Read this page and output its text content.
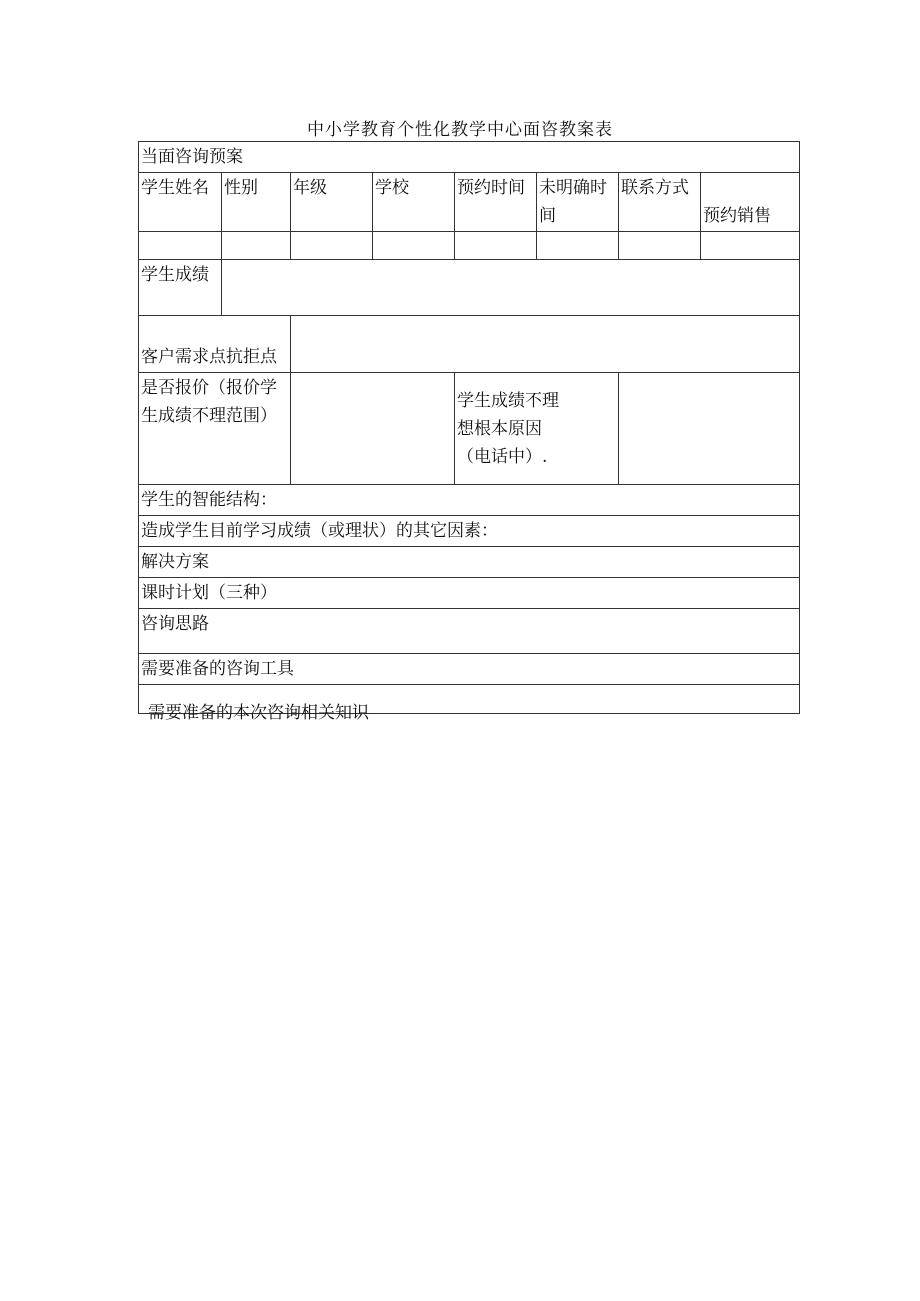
中小学教育个性化教学中心面咨教案表
当面咨询预案							
学生姓名	性别	年级	学校	预约时间	未明确时间	联系方式	预约销售

学生成绩							
客户需求点抗拒点							
是否报价（报价学生成绩不理范围）				学生成绩不理想根本原因（电话中）.			
学生的智能结构：							
造成学生目前学习成绩（或理状）的其它因素：							
解决方案							
课时计划（三种）							
咨询思路							
需要准备的咨询工具							

需要准备的本次咨询相关知识
